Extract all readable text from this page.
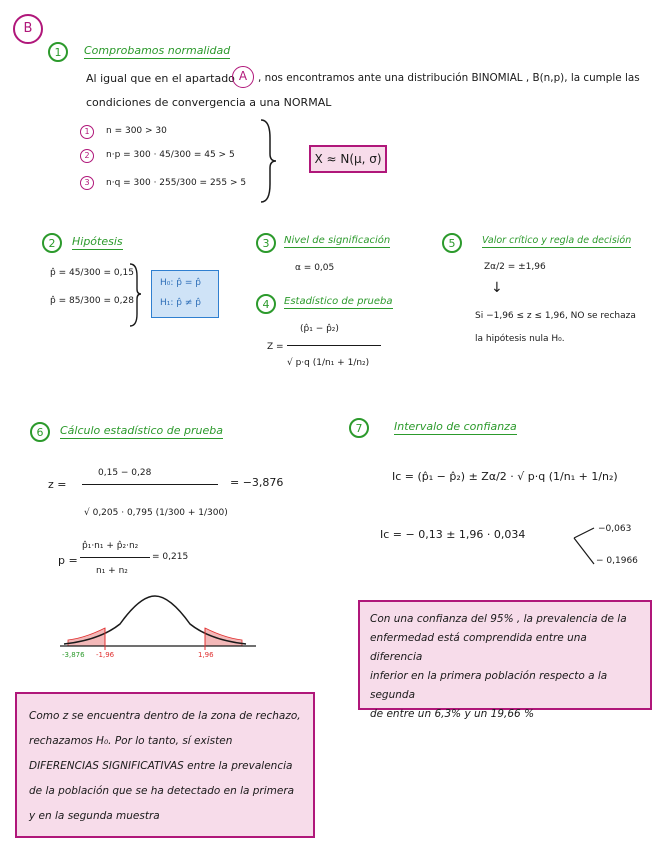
B
1	Comprobamos normalidad
Al igual que en el apartado A	, nos encontramos ante una distribución BINOMIAL , B(n,p), la cumple las
condiciones de convergencia a una NORMAL
1	n = 300 > 30
2	n·p = 300 · 45/300 = 45 > 5
3	n·q = 300 · 255/300 = 255 > 5
X ≈ N(μ, σ)
2	Hipótesis
p̂ = 45/300 = 0,15
p̂ = 85/300 = 0,28
H₀: p̂ = p̂
H₁: p̂ ≠ p̂
3	Nivel de significación
α = 0,05
4	Estadístico de prueba
Z =
(p̂₁ − p̂₂)
√ p·q (1/n₁ + 1/n₂)
5	Valor crítico y regla de decisión
Zα/2 = ±1,96
↓
Si −1,96 ≤ z ≤ 1,96, NO se rechaza
la hipótesis nula H₀.
6	Cálculo estadístico de prueba
z =
0,15 − 0,28
√ 0,205 · 0,795 (1/300 + 1/300)
= −3,876
p =
p̂₁·n₁ + p̂₂·n₂
n₁ + n₂
= 0,215
-3,876 -1,96	1,96
7	Intervalo de confianza
Ic = (p̂₁ − p̂₂) ± Zα/2 · √ p·q (1/n₁ + 1/n₂)
Ic = − 0,13 ± 1,96 · 0,034	−0,063
− 0,1966
Con una confianza del 95% , la prevalencia de la
enfermedad está comprendida entre una diferencia
inferior en la primera población respecto a la segunda
de entre un 6,3% y un 19,66 %
Como z se encuentra dentro de la zona de rechazo,
rechazamos H₀. Por lo tanto, sí existen
DIFERENCIAS SIGNIFICATIVAS entre la prevalencia
de la población que se ha detectado en la primera
y en la segunda muestra
